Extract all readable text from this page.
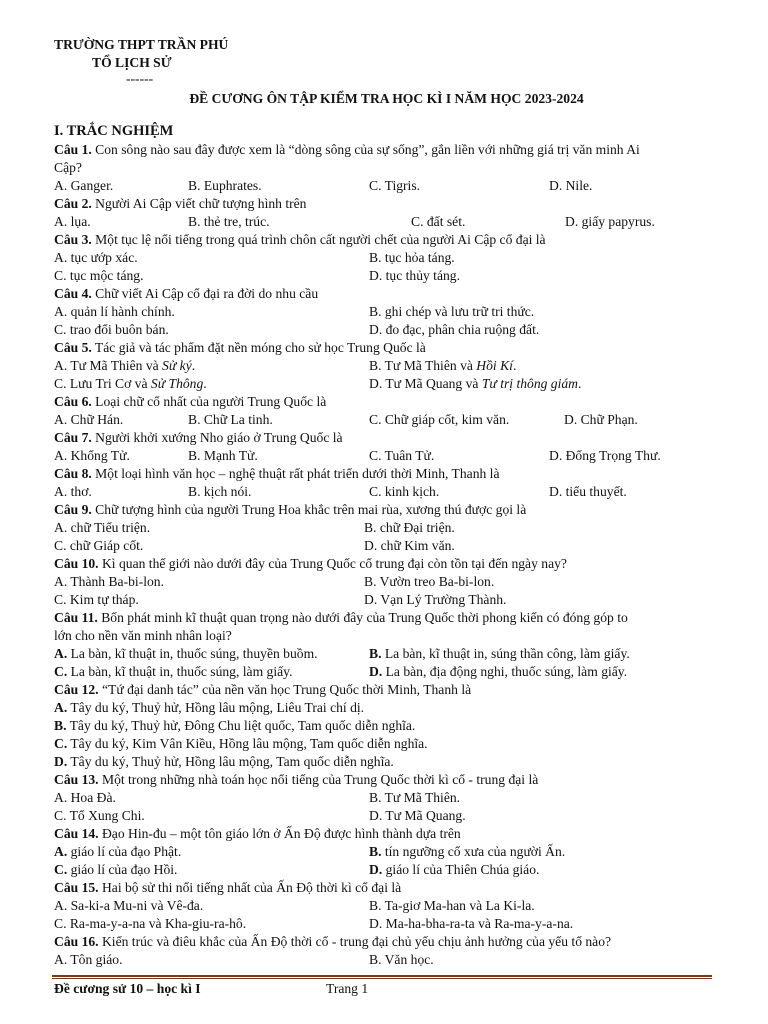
TRƯỜNG THPT TRẦN PHÚ
TỔ LỊCH SỬ
------
ĐỀ CƯƠNG ÔN TẬP KIỂM TRA HỌC KÌ I NĂM HỌC 2023-2024
I. TRẮC NGHIỆM
Câu 1. Con sông nào sau đây được xem là “dòng sông của sự sống”, gắn liền với những giá trị văn minh Ai
Cập?
A. Ganger.	B. Euphrates.	C. Tigris.	D. Nile.
Câu 2. Người Ai Cập viết chữ tượng hình trên
A. lụa.	B. thẻ tre, trúc.	C. đất sét.	D. giấy papyrus.
Câu 3. Một tục lệ nổi tiếng trong quá trình chôn cất người chết của người Ai Cập cổ đại là
A. tục ướp xác.	B. tục hỏa táng.
C. tục mộc táng.	D. tục thủy táng.
Câu 4. Chữ viết Ai Cập cổ đại ra đời do nhu cầu
A. quản lí hành chính.	B. ghi chép và lưu trữ tri thức.
C. trao đổi buôn bán.	D. đo đạc, phân chia ruộng đất.
Câu 5. Tác giả và tác phẩm đặt nền móng cho sử học Trung Quốc là
A. Tư Mã Thiên và Sử ký.	B. Tư Mã Thiên và Hồi Kí.
C. Lưu Tri Cơ và Sử Thông.	D. Tư Mã Quang và Tư trị thông giám.
Câu 6. Loại chữ cổ nhất của người Trung Quốc là
A. Chữ Hán.	B. Chữ La tinh.	C. Chữ giáp cốt, kim văn.	D. Chữ Phạn.
Câu 7. Người khởi xướng Nho giáo ở Trung Quốc là
A. Khổng Tử.	B. Mạnh Tử.	C. Tuân Tử.	D. Đổng Trọng Thư.
Câu 8. Một loại hình văn học – nghệ thuật rất phát triển dưới thời Minh, Thanh là
A. thơ.	B. kịch nói.	C. kinh kịch.	D. tiểu thuyết.
Câu 9. Chữ tượng hình của người Trung Hoa khắc trên mai rùa, xương thú được gọi là
A. chữ Tiểu triện.	B. chữ Đại triện.
C. chữ Giáp cốt.	D. chữ Kim văn.
Câu 10. Kì quan thế giới nào dưới đây của Trung Quốc cổ trung đại còn tồn tại đến ngày nay?
A. Thành Ba-bi-lon.	B. Vườn treo Ba-bi-lon.
C. Kim tự tháp.	D. Vạn Lý Trường Thành.
Câu 11. Bốn phát minh kĩ thuật quan trọng nào dưới đây của Trung Quốc thời phong kiến có đóng góp to
lớn cho nền văn minh nhân loại?
A. La bàn, kĩ thuật in, thuốc súng, thuyền buồm.	B. La bàn, kĩ thuật in, súng thần công, làm giấy.
C. La bàn, kĩ thuật in, thuốc súng, làm giấy.	D. La bàn, địa động nghi, thuốc súng, làm giấy.
Câu 12. “Tứ đại danh tác” của nền văn học Trung Quốc thời Minh, Thanh là
A. Tây du ký, Thuỷ hử, Hồng lâu mộng, Liêu Trai chí dị.
B. Tây du ký, Thuỷ hử, Đông Chu liệt quốc, Tam quốc diễn nghĩa.
C. Tây du ký, Kim Vân Kiều, Hồng lâu mộng, Tam quốc diễn nghĩa.
D. Tây du ký, Thuỷ hử, Hồng lâu mộng, Tam quốc diễn nghĩa.
Câu 13. Một trong những nhà toán học nổi tiếng của Trung Quốc thời kì cổ - trung đại là
A. Hoa Đà.	B. Tư Mã Thiên.
C. Tổ Xung Chi.	D. Tư Mã Quang.
Câu 14. Đạo Hin-đu – một tôn giáo lớn ở Ấn Độ được hình thành dựa trên
A. giáo lí của đạo Phật.	B. tín ngưỡng cổ xưa của người Ấn.
C. giáo lí của đạo Hồi.	D. giáo lí của Thiên Chúa giáo.
Câu 15. Hai bộ sử thi nổi tiếng nhất của Ấn Độ thời kì cổ đại là
A. Sa-ki-a Mu-ni và Vê-đa.	B. Ta-giơ Ma-han và La Ki-la.
C. Ra-ma-y-a-na và Kha-giu-ra-hô.	D. Ma-ha-bha-ra-ta và Ra-ma-y-a-na.
Câu 16. Kiến trúc và điêu khắc của Ấn Độ thời cổ - trung đại chủ yếu chịu ảnh hưởng của yếu tố nào?
A. Tôn giáo.	B. Văn học.
Đề cương sử 10 – học kì I	Trang 1
